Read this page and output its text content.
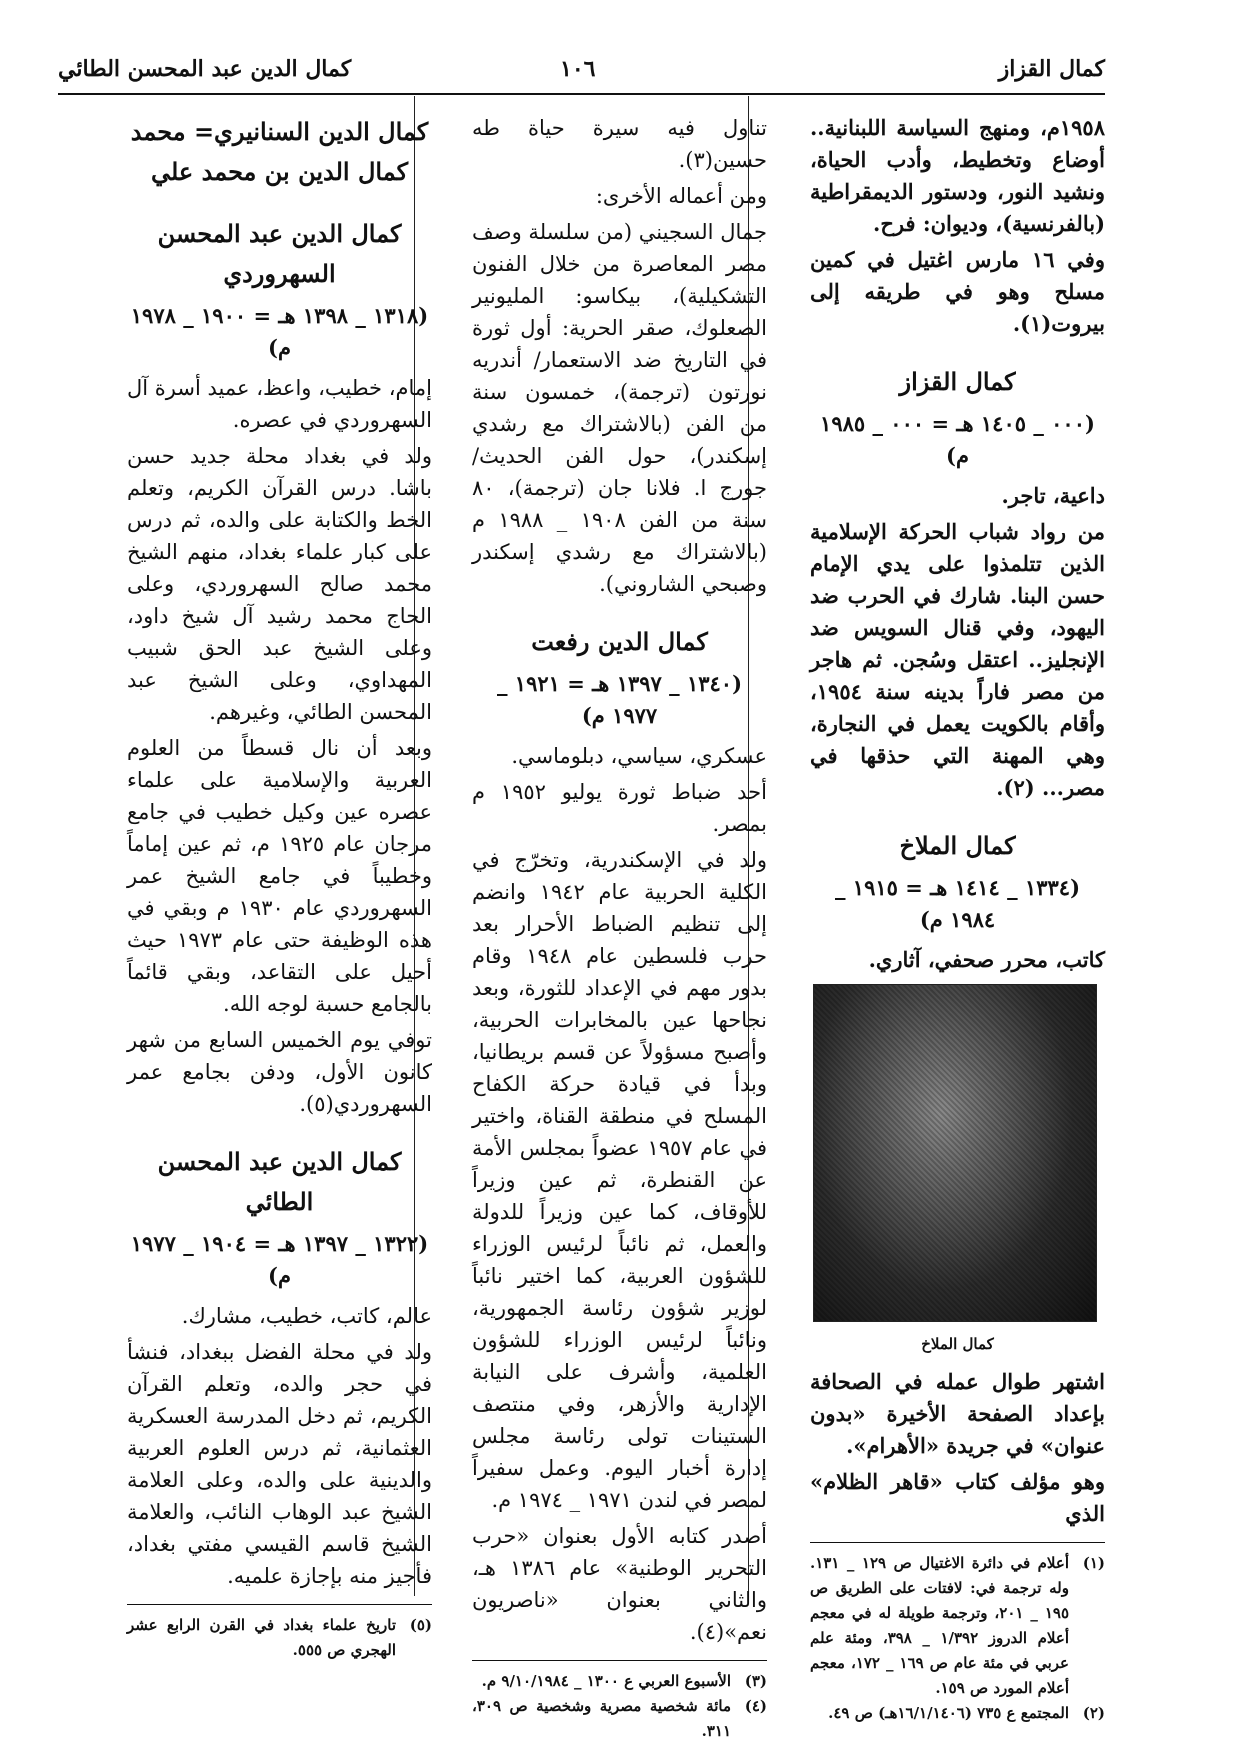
كمال القزاز
١٠٦
كمال الدين عبد المحسن الطائي

١٩٥٨م، ومنهج السياسة اللبنانية.. أوضاع وتخطيط، وأدب الحياة، ونشيد النور، ودستور الديمقراطية (بالفرنسية)، وديوان: فرح.

وفي ١٦ مارس اغتيل في كمين مسلح وهو في طريقه إلى بيروت(١).

كمال القزاز
(٠٠٠ _ ١٤٠٥ هـ = ٠٠٠ _ ١٩٨٥ م)

داعية، تاجر.

من رواد شباب الحركة الإسلامية الذين تتلمذوا على يدي الإمام حسن البنا. شارك في الحرب ضد اليهود، وفي قنال السويس ضد الإنجليز.. اعتقل وسُجن. ثم هاجر من مصر فاراً بدينه سنة ١٩٥٤، وأقام بالكويت يعمل في النجارة، وهي المهنة التي حذقها في مصر... (٢).

كمال الملاخ
(١٣٣٤ _ ١٤١٤ هـ = ١٩١٥ _ ١٩٨٤ م)

كاتب، محرر صحفي، آثاري.

كمال الملاخ

اشتهر طوال عمله في الصحافة بإعداد الصفحة الأخيرة «بدون عنوان» في جريدة «الأهرام».

وهو مؤلف كتاب «قاهر الظلام» الذي

(١)
أعلام في دائرة الاغتيال ص ١٢٩ _ ١٣١. وله ترجمة في: لافتات على الطريق ص ١٩٥ _ ٢٠١، وترجمة طويلة له في معجم أعلام الدروز ١/٣٩٢ _ ٣٩٨، ومئة علم عربي في مئة عام ص ١٦٩ _ ١٧٢، معجم أعلام المورد ص ١٥٩.
(٢)
المجتمع ع ٧٣٥ (١٦/١/١٤٠٦هـ) ص ٤٩.

تناول فيه سيرة حياة طه حسين(٣).

ومن أعماله الأخرى:

جمال السجيني (من سلسلة وصف مصر المعاصرة من خلال الفنون التشكيلية)، بيكاسو: المليونير الصعلوك، صقر الحرية: أول ثورة في التاريخ ضد الاستعمار/ أندريه نورتون (ترجمة)، خمسون سنة من الفن (بالاشتراك مع رشدي إسكندر)، حول الفن الحديث/ جورج ا. فلانا جان (ترجمة)، ٨٠ سنة من الفن ١٩٠٨ _ ١٩٨٨ م (بالاشتراك مع رشدي إسكندر وصبحي الشاروني).

كمال الدين رفعت
(١٣٤٠ _ ١٣٩٧ هـ = ١٩٢١ _ ١٩٧٧ م)

عسكري، سياسي، دبلوماسي.

أحد ضباط ثورة يوليو ١٩٥٢ م بمصر.

ولد في الإسكندرية، وتخرّج في الكلية الحربية عام ١٩٤٢ وانضم إلى تنظيم الضباط الأحرار بعد حرب فلسطين عام ١٩٤٨ وقام بدور مهم في الإعداد للثورة، وبعد نجاحها عين بالمخابرات الحربية، وأصبح مسؤولاً عن قسم بريطانيا، وبدأ في قيادة حركة الكفاح المسلح في منطقة القناة، واختير في عام ١٩٥٧ عضواً بمجلس الأمة عن القنطرة، ثم عين وزيراً للأوقاف، كما عين وزيراً للدولة والعمل، ثم نائباً لرئيس الوزراء للشؤون العربية، كما اختير نائباً لوزير شؤون رئاسة الجمهورية، ونائباً لرئيس الوزراء للشؤون العلمية، وأشرف على النيابة الإدارية والأزهر، وفي منتصف الستينات تولى رئاسة مجلس إدارة أخبار اليوم. وعمل سفيراً لمصر في لندن ١٩٧١ _ ١٩٧٤ م.

أصدر كتابه الأول بعنوان «حرب التحرير الوطنية» عام ١٣٨٦ هـ، والثاني بعنوان «ناصريون نعم»(٤).

(٣)
الأسبوع العربي ع ١٣٠٠ _ ٩/١٠/١٩٨٤ م.
(٤)
مائة شخصية مصرية وشخصية ص ٣٠٩، ٣١١.
كمال الدين السنانيري= محمد كمال الدين بن محمد علي
كمال الدين عبد المحسن السهروردي
(١٣١٨ _ ١٣٩٨ هـ = ١٩٠٠ _ ١٩٧٨ م)

إمام، خطيب، واعظ، عميد أسرة آل السهروردي في عصره.

ولد في بغداد محلة جديد حسن باشا. درس القرآن الكريم، وتعلم الخط والكتابة على والده، ثم درس على كبار علماء بغداد، منهم الشيخ محمد صالح السهروردي، وعلى الحاج محمد رشيد آل شيخ داود، وعلى الشيخ عبد الحق شبيب المهداوي، وعلى الشيخ عبد المحسن الطائي، وغيرهم.

وبعد أن نال قسطاً من العلوم العربية والإسلامية على علماء عصره عين وكيل خطيب في جامع مرجان عام ١٩٢٥ م، ثم عين إماماً وخطيباً في جامع الشيخ عمر السهروردي عام ١٩٣٠ م وبقي في هذه الوظيفة حتى عام ١٩٧٣ حيث أحيل على التقاعد، وبقي قائماً بالجامع حسبة لوجه الله.

توفي يوم الخميس السابع من شهر كانون الأول، ودفن بجامع عمر السهروردي(٥).

كمال الدين عبد المحسن الطائي
(١٣٢٢ _ ١٣٩٧ هـ = ١٩٠٤ _ ١٩٧٧ م)

عالم، كاتب، خطيب، مشارك.

ولد في محلة الفضل ببغداد، فنشأ في حجر والده، وتعلم القرآن الكريم، ثم دخل المدرسة العسكرية العثمانية، ثم درس العلوم العربية والدينية على والده، وعلى العلامة الشيخ عبد الوهاب النائب، والعلامة الشيخ قاسم القيسي مفتي بغداد، فأجيز منه بإجازة علميه.

(٥)
تاريخ علماء بغداد في القرن الرابع عشر الهجري ص ٥٥٥.
